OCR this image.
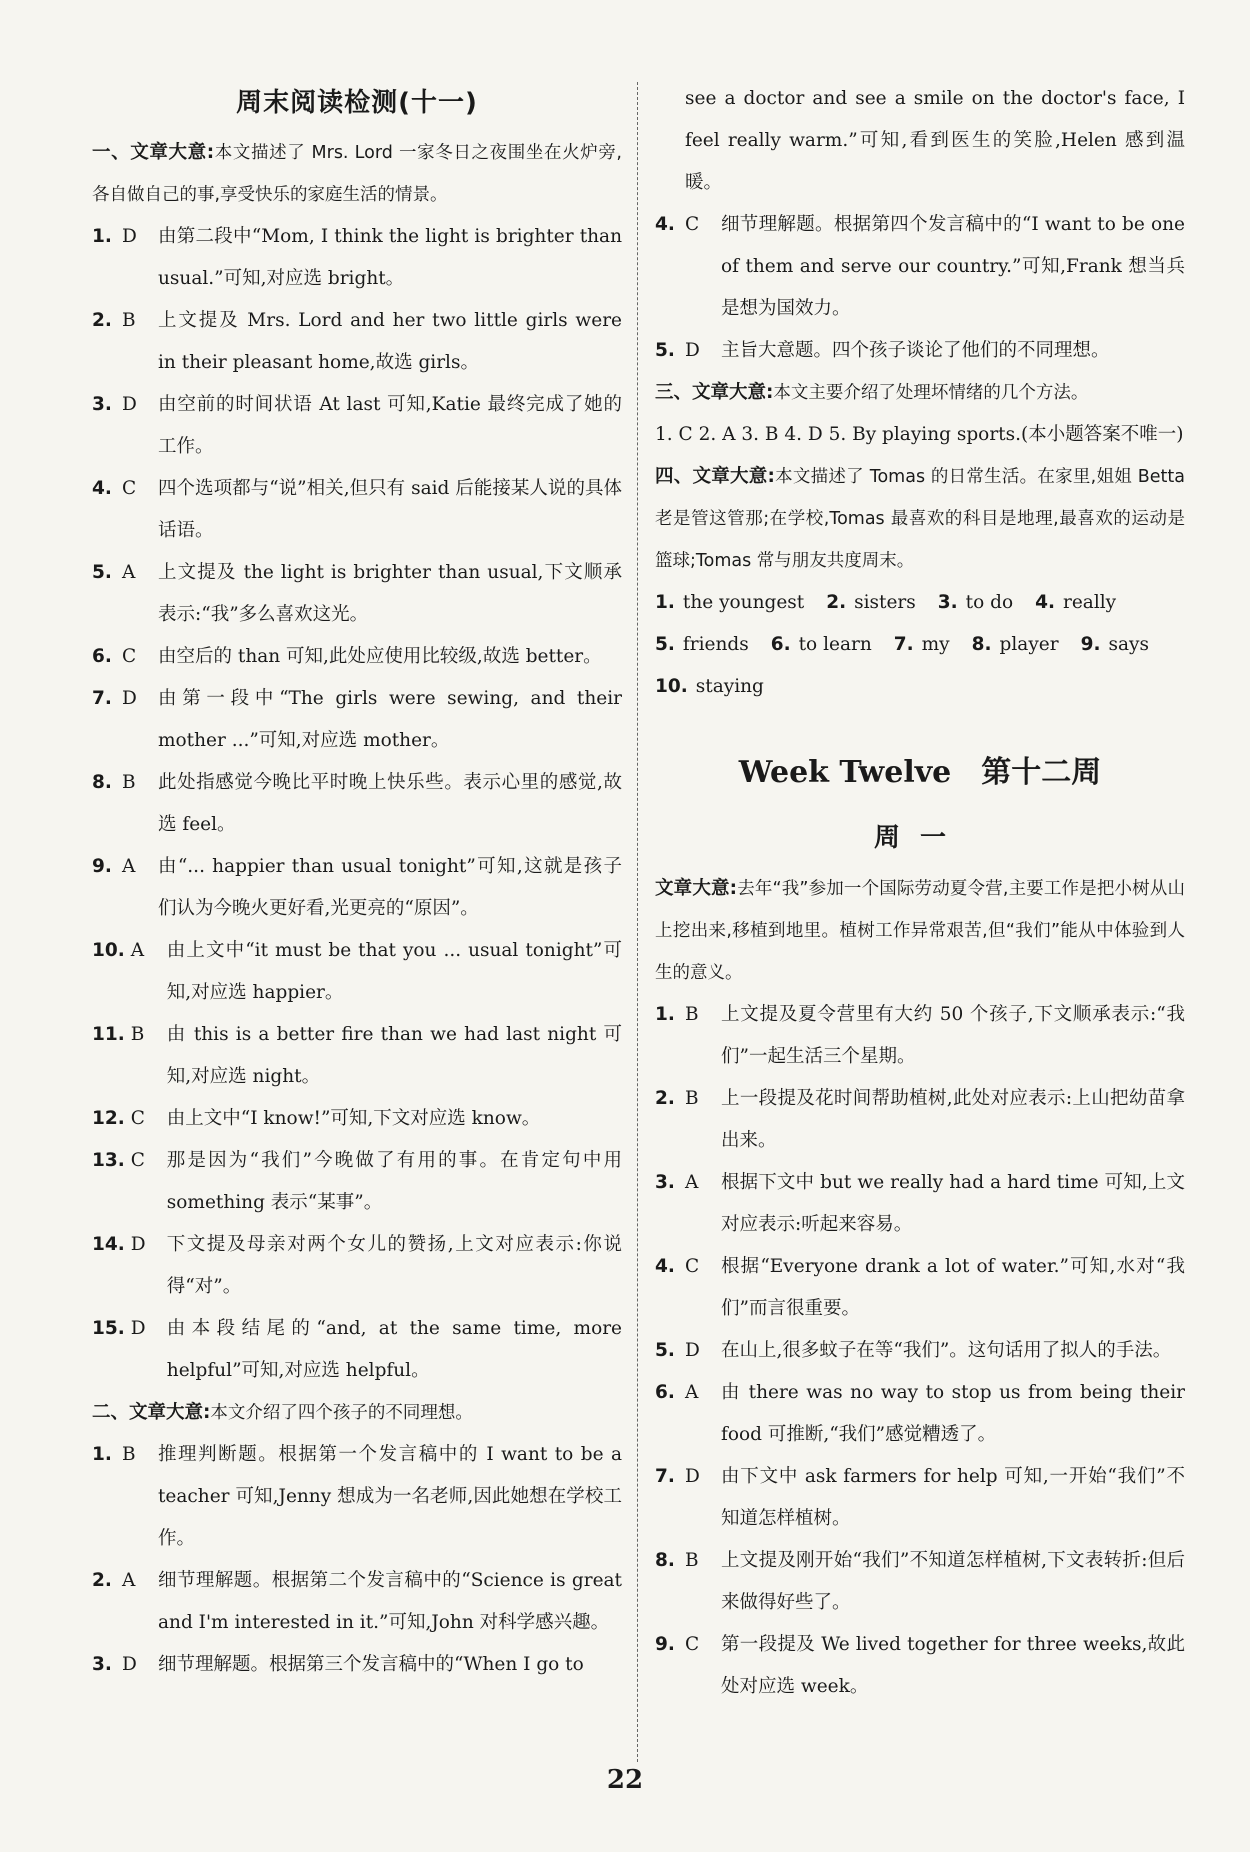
周末阅读检测(十一)
一、文章大意:本文描述了 Mrs. Lord 一家冬日之夜围坐在火炉旁,各自做自己的事,享受快乐的家庭生活的情景。
1. D	由第二段中“Mom, I think the light is brighter than usual.”可知,对应选 bright。
2. B	上文提及 Mrs. Lord and her two little girls were in their pleasant home,故选 girls。
3. D	由空前的时间状语 At last 可知,Katie 最终完成了她的工作。
4. C	四个选项都与“说”相关,但只有 said 后能接某人说的具体话语。
5. A	上文提及 the light is brighter than usual,下文顺承表示:“我”多么喜欢这光。
6. C	由空后的 than 可知,此处应使用比较级,故选 better。
7. D	由第一段中“The girls were sewing, and their mother ...”可知,对应选 mother。
8. B	此处指感觉今晚比平时晚上快乐些。表示心里的感觉,故选 feel。
9. A	由“... happier than usual tonight”可知,这就是孩子们认为今晚火更好看,光更亮的“原因”。
10. A	由上文中“it must be that you ... usual tonight”可知,对应选 happier。
11. B	由 this is a better fire than we had last night 可知,对应选 night。
12. C	由上文中“I know!”可知,下文对应选 know。
13. C	那是因为“我们”今晚做了有用的事。在肯定句中用 something 表示“某事”。
14. D	下文提及母亲对两个女儿的赞扬,上文对应表示:你说得“对”。
15. D	由本段结尾的“and, at the same time, more helpful”可知,对应选 helpful。
二、文章大意:本文介绍了四个孩子的不同理想。
1. B	推理判断题。根据第一个发言稿中的 I want to be a teacher 可知,Jenny 想成为一名老师,因此她想在学校工作。
2. A	细节理解题。根据第二个发言稿中的“Science is great and I'm interested in it.”可知,John 对科学感兴趣。
3. D	细节理解题。根据第三个发言稿中的“When I go to
see a doctor and see a smile on the doctor's face, I feel really warm.”可知,看到医生的笑脸,Helen 感到温暖。
4. C	细节理解题。根据第四个发言稿中的“I want to be one of them and serve our country.”可知,Frank 想当兵是想为国效力。
5. D	主旨大意题。四个孩子谈论了他们的不同理想。
三、文章大意:本文主要介绍了处理坏情绪的几个方法。
1. C 2. A 3. B 4. D 5. By playing sports.(本小题答案不唯一)
四、文章大意:本文描述了 Tomas 的日常生活。在家里,姐姐 Betta 老是管这管那;在学校,Tomas 最喜欢的科目是地理,最喜欢的运动是篮球;Tomas 常与朋友共度周末。
1. the youngest	2. sisters	3. to do	4. really
5. friends	6. to learn	7. my	8. player	9. says
10. staying
Week Twelve　第十二周
周一
文章大意:去年“我”参加一个国际劳动夏令营,主要工作是把小树从山上挖出来,移植到地里。植树工作异常艰苦,但“我们”能从中体验到人生的意义。
1. B	上文提及夏令营里有大约 50 个孩子,下文顺承表示:“我们”一起生活三个星期。
2. B	上一段提及花时间帮助植树,此处对应表示:上山把幼苗拿出来。
3. A	根据下文中 but we really had a hard time 可知,上文对应表示:听起来容易。
4. C	根据“Everyone drank a lot of water.”可知,水对“我们”而言很重要。
5. D	在山上,很多蚊子在等“我们”。这句话用了拟人的手法。
6. A	由 there was no way to stop us from being their food 可推断,“我们”感觉糟透了。
7. D	由下文中 ask farmers for help 可知,一开始“我们”不知道怎样植树。
8. B	上文提及刚开始“我们”不知道怎样植树,下文表转折:但后来做得好些了。
9. C	第一段提及 We lived together for three weeks,故此处对应选 week。
22
